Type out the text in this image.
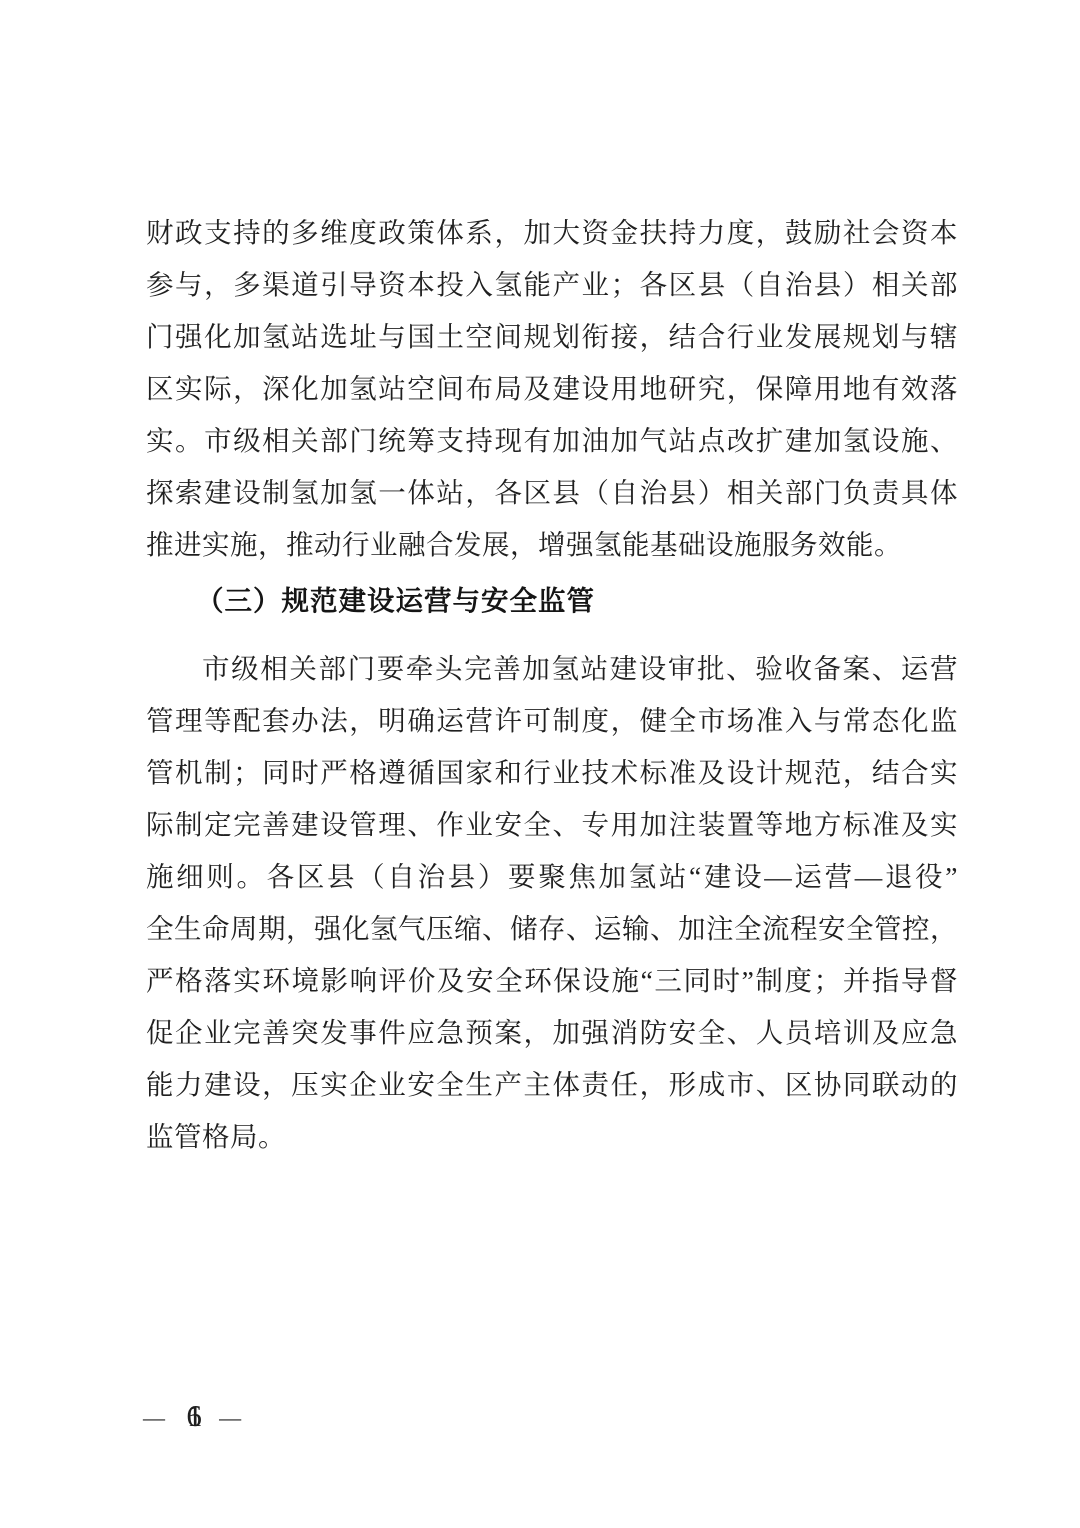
财政支持的多维度政策体系，加大资金扶持力度，鼓励社会资本
参与，多渠道引导资本投入氢能产业；各区县（自治县）相关部
门强化加氢站选址与国土空间规划衔接，结合行业发展规划与辖
区实际，深化加氢站空间布局及建设用地研究，保障用地有效落
实。市级相关部门统筹支持现有加油加气站点改扩建加氢设施、
探索建设制氢加氢一体站，各区县（自治县）相关部门负责具体
推进实施，推动行业融合发展，增强氢能基础设施服务效能。
（三）规范建设运营与安全监管
市级相关部门要牵头完善加氢站建设审批、验收备案、运营
管理等配套办法，明确运营许可制度，健全市场准入与常态化监
管机制；同时严格遵循国家和行业技术标准及设计规范，结合实
际制定完善建设管理、作业安全、专用加注装置等地方标准及实
施细则。各区县（自治县）要聚焦加氢站“建设—运营—退役”
全生命周期，强化氢气压缩、储存、运输、加注全流程安全管控，
严格落实环境影响评价及安全环保设施“三同时”制度；并指导督
促企业完善突发事件应急预案，加强消防安全、人员培训及应急
能力建设，压实企业安全生产主体责任，形成市、区协同联动的
监管格局。
— —
